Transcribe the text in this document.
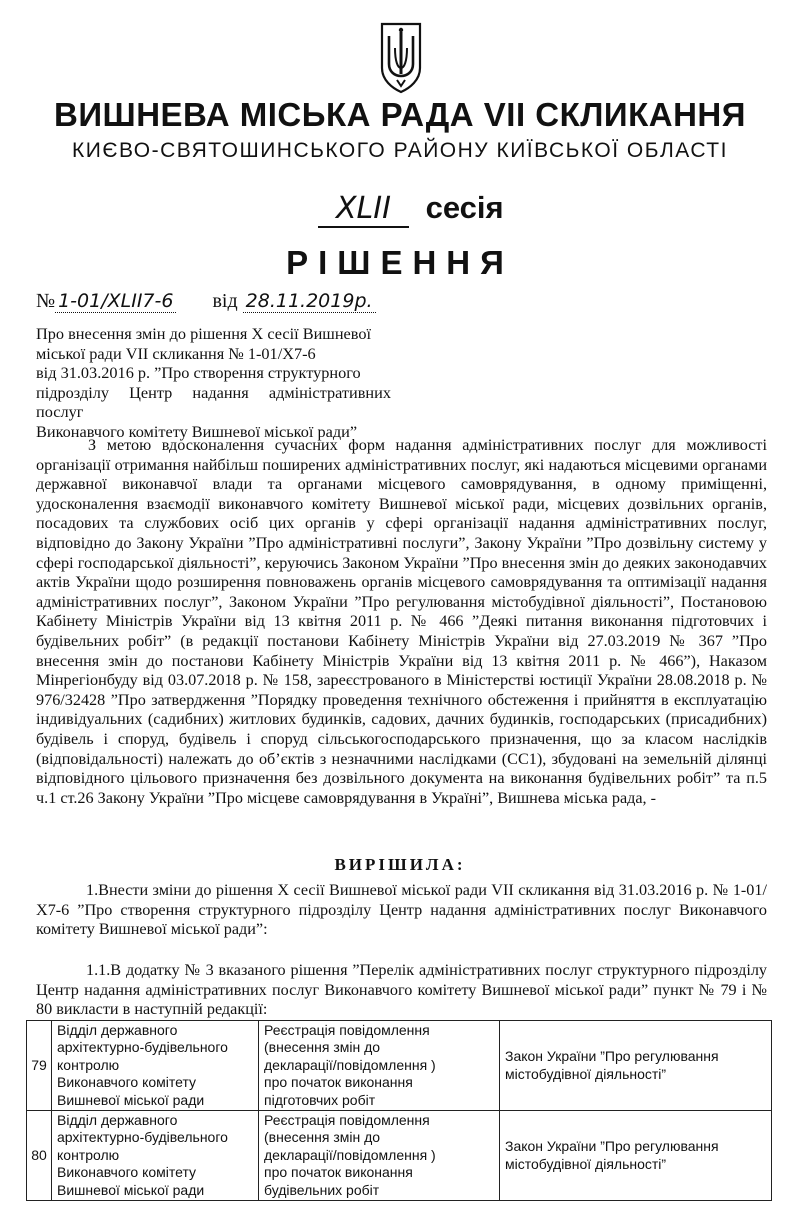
ВИШНЕВА МІСЬКА РАДА VII СКЛИКАННЯ
КИЄВО-СВЯТОШИНСЬКОГО РАЙОНУ КИЇВСЬКОЇ ОБЛАСТІ
XLII сесія
РІШЕННЯ
№ 1-01/XLII7-6 від 28.11.2019р.
Про внесення змін до рішення Х сесії Вишневої
міської ради VII скликання № 1-01/Х7-6
від 31.03.2016 р. ”Про створення структурного
підрозділу Центр надання адміністративних послуг
Виконавчого комітету Вишневої міської ради”
З метою вдосконалення сучасних форм надання адміністративних послуг для можливості організації отримання найбільш поширених адміністративних послуг, які надаються місцевими органами державної виконавчої влади та органами місцевого самоврядування, в одному приміщенні, удосконалення взаємодії виконавчого комітету Вишневої міської ради, місцевих дозвільних органів, посадових та службових осіб цих органів у сфері організації надання адміністративних послуг, відповідно до Закону України ”Про адміністративні послуги”, Закону України ”Про дозвільну систему у сфері господарської діяльності”, керуючись Законом України ”Про внесення змін до деяких законодавчих актів України щодо розширення повноважень органів місцевого самоврядування та оптимізації надання адміністративних послуг”, Законом України ”Про регулювання містобудівної діяльності”, Постановою Кабінету Міністрів України від 13 квітня 2011 р. № 466 ”Деякі питання виконання підготовчих і будівельних робіт” (в редакції постанови Кабінету Міністрів України від 27.03.2019 № 367 ”Про внесення змін до постанови Кабінету Міністрів України від 13 квітня 2011 р. № 466”), Наказом Мінрегіонбуду від 03.07.2018 р. № 158, зареєстрованого в Міністерстві юстиції України 28.08.2018 р. № 976/32428 ”Про затвердження ”Порядку проведення технічного обстеження і прийняття в експлуатацію індивідуальних (садибних) житлових будинків, садових, дачних будинків, господарських (присадибних) будівель і споруд, будівель і споруд сільськогосподарського призначення, що за класом наслідків (відповідальності) належать до об’єктів з незначними наслідками (СС1), збудовані на земельній ділянці відповідного цільового призначення без дозвільного документа на виконання будівельних робіт” та п.5 ч.1 ст.26 Закону України ”Про місцеве самоврядування в Україні”, Вишнева міська рада, -
ВИРІШИЛА:
1.Внести зміни до рішення Х сесії Вишневої міської ради VII скликання від 31.03.2016 р. № 1-01/Х7-6 ”Про створення структурного підрозділу Центр надання адміністративних послуг Виконавчого комітету Вишневої міської ради”:
1.1.В додатку № 3 вказаного рішення ”Перелік адміністративних послуг структурного підрозділу Центр надання адміністративних послуг Виконавчого комітету Вишневої міської ради” пункт № 79 і № 80 викласти в наступній редакції:
79	Відділ державного
архітектурно-будівельного
контролю
Виконавчого комітету
Вишневої міської ради	Реєстрація повідомлення
(внесення змін до
декларації/повідомлення )
про початок виконання
підготовчих робіт	Закон України ”Про регулювання
містобудівної діяльності”

80	Відділ державного
архітектурно-будівельного
контролю
Виконавчого комітету
Вишневої міської ради	Реєстрація повідомлення
(внесення змін до
декларації/повідомлення )
про початок виконання
будівельних робіт	Закон України ”Про регулювання
містобудівної діяльності”
